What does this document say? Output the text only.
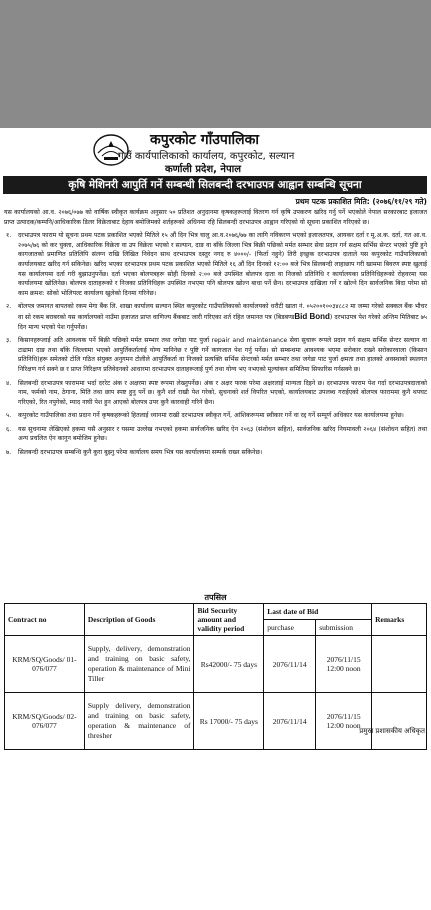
कपुरकोट गाँउपालिका
गाउँ कार्यपालिकाको कार्यालय, कपुरकोट, सल्यान
कर्णाली प्रदेश, नेपाल
कृषि मेशिनरी आपुर्ति गर्ने सम्बन्धी सिलबन्दी दरभाउपत्र आह्वान सम्बन्धि सूचना
प्रथम पटक प्रकाशित मिति: (२०७६/११/२९ गते)

यस कार्यालयको आ.व. २०७६/०७७ को वार्षिक स्वीकृत कार्यक्रम अनुसार ५० प्रतिशत अनुदानमा कृषकहरूलाई वितरण गर्न कृषि उपकरण खरिद गर्नु पर्ने भएकोले नेपाल सरकारबाट इजाजत प्राप्त उत्पादक/कम्पनि/आधिकारिक डिलर विक्रेताबाट देहाय बमोजिमको शर्तहरूको अधिनमा रहि सिलबन्दी दरभाउपत्र आह्वान गरिएको यो सूचना प्रकाशित गरिएको छ।

१. दरभाउपत्र फाराम यो सूचना प्रथम पटक प्रकाशित भएको मितिले १५ औं दिन भित्र चालु आ.व.२०७६/७७ का लागि नविकरण भएको इजाजतपत्र, आयकर दर्ता र मू.अ.क. दर्ता, गत आ.व. २०७५/७६ को कर चुक्ता, आधिकारिक विक्रेता वा उप विक्रेता भएको र सल्यान, दाङ वा बाँके जिल्ला भित्र बिक्री पछिको मर्मत सम्भार सेवा प्रदान गर्न सक्षम सर्भिस सेन्टर भएको पुष्टि हुने कागजातको प्रमाणित प्रतिलिपि संलग्न राखि लिखित निवेदन साथ दरभाउपत्र दस्तुर नगद रु ४०००/- (फिर्ता नहुने) तिरी इच्छुक दरभाउपत्र दाताले यस कपुरकोट गाउँपालिकाको कार्यालयबाट खरिद गर्न सकिनेछ। खरिद भएका दरभाउपत्र प्रथम पटक प्रकाशित भएको मितिले १६ औं दिन दिनको १२:०० बजे भित्र सिलबन्दी लाहाछाप गरी खाममा बिवरण स्पष्ट खुलाई यस कार्यालयमा दर्ता गरी बुझाउनुपर्नेछ। दर्ता भएका बोलपत्रहरू सोही दिनको २:०० बजे उपस्थित बोलपत्र दाता वा निजको प्रतिनिधि र कार्यालयका प्रतिनिधिहरूको रोहवरमा यस कार्यालयमा खोलिनेछ। बोलपत्र दाताहरूको र निजका प्रतिनिधिहरू उपस्थित नभएमा पनि बोलपत्र खोल्न बाधा पर्ने छैन। दरभाउपत्र दाखिला गर्ने र खोल्ने दिन सार्वजनिक बिदा परेमा सो काम क्रमश: सोको भोलिपल्ट कार्यालय खुलेको दिनमा गरिनेछ।
२. बोलपत्र जमानत बापतको रकम मेगा बैंक लि. शाखा कार्यालय सल्यान स्थित कपुरकोट गाउँपालिकाको कार्यालयको धरौटी खाता नं. ०५२००१००३४८८२ मा जम्मा गरेको सक्कल बैंक भौचर वा सो रकम बराबरको यस कार्यालयको नाउँमा इजाजत प्राप्त वाणिज्य बैंकबाट जारी गरिएका शर्त रहित जमानत पत्र (बिडबण्डBid Bond) दरभाउपत्र पेश गरेको अन्तिम मितिबाट ७५ दिन मान्य भएको पेश गर्नुपर्नेछ।
३. किसानहरूलाई अति आवश्यक पर्ने बिक्री पछिको मर्मत सम्भार तथा जगेडा पाट पुर्जा repair and maintenance सेवा सुचारू रूपले प्रदान गर्न सक्षम सर्भिस सेन्टर सल्यान वा टाढामा दाङ तथा बाँके जिल्लामा भएको आपुर्तिकर्तालाई योग्य मानिनेछ र पुष्टि गर्ने कागजात पेश गर्नु पर्नेछ। सो सम्बन्धमा आवश्यक भएमा सरोकार राख्ने सरोकारवाला (किसान प्रतिनिधि)हरू समेतको टोलि गठित संयुक्त अनुगमन टोलीले आपुर्तिकर्ता वा निजको प्रत्यक्ति सर्भिस सेन्टरको मर्मत सम्भार तथा जगेडा पाट पुर्जा क्षमता तथा हालको अवस्थाको स्थलगत निरिक्षण गर्न सक्ने छ र प्राप्त निरिक्षण प्रतिवेदनको आधारमा दरभाउपत्र दाताहरूलाई पुर्ण तथा योग्य भए नभएको मूल्यांकन समितिमा सिफारिस गर्नसक्ने छ।
४. सिलबन्दी दरभाउपत्र फाराममा भर्दा दररेट अंक र अक्षरमा स्पष्ट रूपमा लेख्नुपर्नेछ। अंक र अक्षर फरक परेमा अक्षरलाई मान्यता दिइने छ। दरभाउपत्र फाराम पेश गर्दा दरभाउपत्रदाताको नाम, फर्मको नाम, ठेगाना, मिति तथा छाप स्पष्ट हुनु पर्ने छ। कुनै शर्त राखी पेश गरेको, सुचनाको शर्त विपरित भएको, कार्यालयबाट उपलब्ध गराईएको बोलपत्र फाराममा कुनै थपघट गरिएको, रित नपुगेको, म्याद नाघी पेश हुन आएको बोलपत्र उपर कुनै कारवाही गरिने छैन।
५. कपुरकोट गाउँपालिका तथा प्रदान गर्ने कृषकहरूको हितलाई ध्यानमा राखी दरभाउपत्र स्वीकृत गर्ने, आंशिकरूपमा स्वीकार गर्ने वा रद्द गर्ने सम्पूर्ण अधिकार यस कार्यालयमा हुनेछ।
६. यस सुचनामा लेखिएको हकमा यसै अनुसार र यसमा उल्लेख नभएको हकमा सार्वजनिक खरिद ऐन २०६३ (संशोधन सहित), सार्वजनिक खरिद नियमावली २०६४ (संशोधन सहित) तथा अन्य प्रचलित ऐन कानुन बमोजिम हुनेछ।
७. सिलबन्दी दरभाउपत्र सम्बन्धि कुनै कुरा बुझ्नु परेमा कार्यालय समय भित्र यस कार्यालयमा सम्पर्क राख्न सकिनेछ।
तपसिल
Contract no	Description of Goods	Bid Security amount and validity period	Last date of Bid		Remarks
			purchase	submission	
KRM/SQ/Goods/ 01-076/077	Supply, delivery, demonstration and training on basic safety, operation & maintenance of Mini Tiller	Rs42000/- 75 days	2076/11/14	2076/11/15 12:00 noon	
KRM/SQ/Goods/ 02-076/077	Supply delivery, demonstration and training on basic safety, operation & maintenance of thresher	Rs 17000/- 75 days	2076/11/14	2076/11/15 12:00 noon	
प्रमुख प्रशासकीय अधिकृत
